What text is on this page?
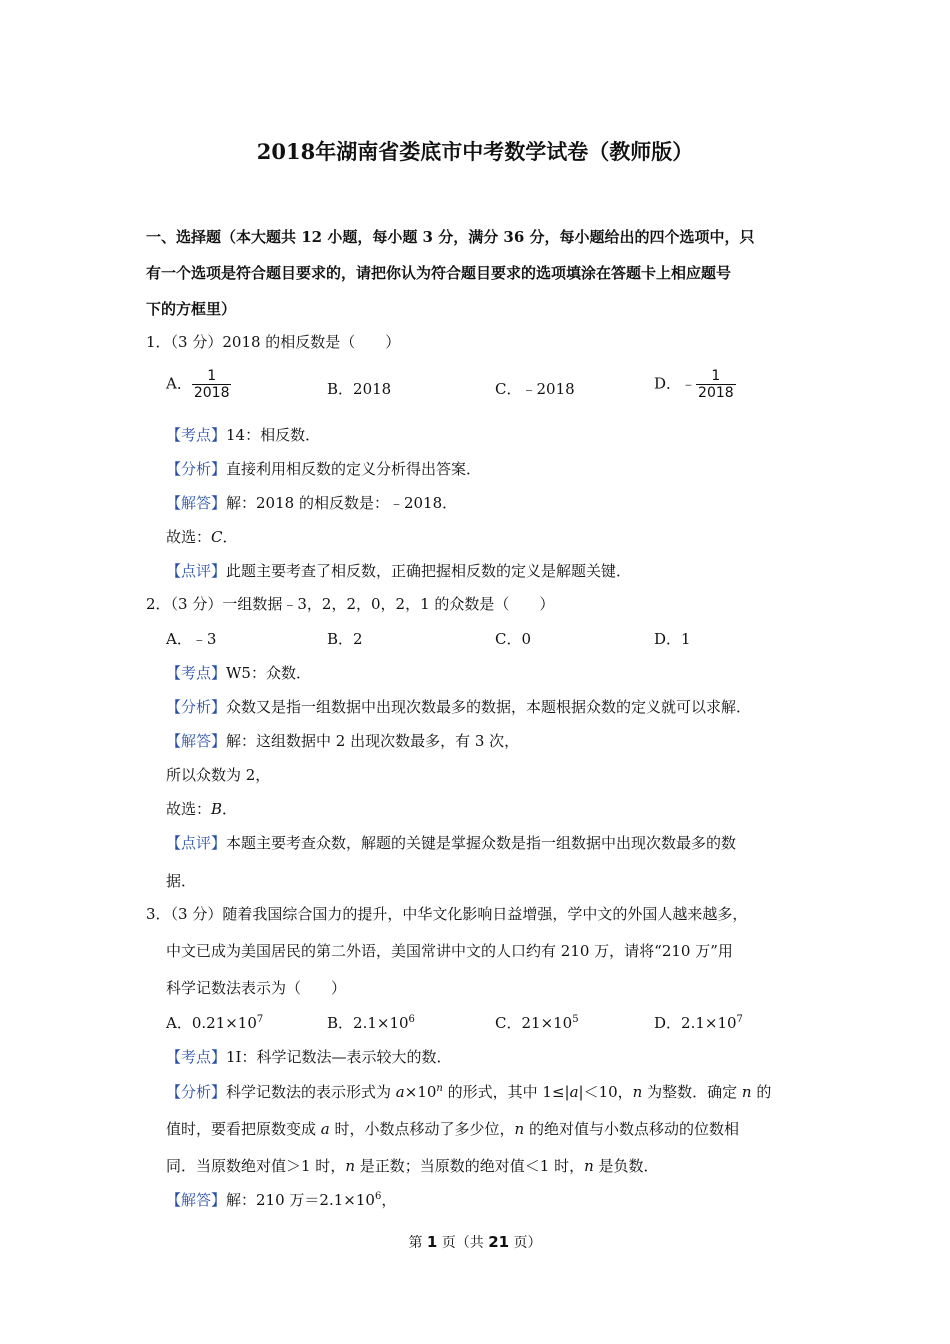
2018年湖南省娄底市中考数学试卷（教师版）
一、选择题（本大题共 12 小题，每小题 3 分，满分 36 分，每小题给出的四个选项中，只
有一个选项是符合题目要求的，请把你认为符合题目要求的选项填涂在答题卡上相应题号
下的方框里）
1．（3 分）2018 的相反数是（　　）
A． $\frac{1}{2018}$	B．2018	C．﹣2018	D．﹣ $\frac{1}{2018}$
【考点】14：相反数．
【分析】直接利用相反数的定义分析得出答案．
【解答】解：2018 的相反数是：﹣2018．
故选：C．
【点评】此题主要考查了相反数，正确把握相反数的定义是解题关键．
2．（3 分）一组数据﹣3，2，2，0，2，1 的众数是（　　）
A．﹣3	B．2	C．0	D．1
【考点】W5：众数．
【分析】众数又是指一组数据中出现次数最多的数据，本题根据众数的定义就可以求解．
【解答】解：这组数据中 2 出现次数最多，有 3 次，
所以众数为 2，
故选：B．
【点评】本题主要考查众数，解题的关键是掌握众数是指一组数据中出现次数最多的数
据．
3．（3 分）随着我国综合国力的提升，中华文化影响日益增强，学中文的外国人越来越多，
中文已成为美国居民的第二外语，美国常讲中文的人口约有 210 万，请将“210 万”用
科学记数法表示为（　　）
A．$0.21\times 10^7$	B．$2.1\times 10^6$	C．$21\times 10^5$	D．$2.1\times 10^7$
【考点】1I：科学记数法—表示较大的数．
【分析】科学记数法的表示形式为 $a\times 10^n$ 的形式，其中 1≤|a|＜10，n 为整数．确定 n 的
值时，要看把原数变成 a 时，小数点移动了多少位，n 的绝对值与小数点移动的位数相
同．当原数绝对值＞1 时，n 是正数；当原数的绝对值＜1 时，n 是负数．
【解答】解：210 万$=2.1\times 10^6$，
第 1 页（共 21 页）
